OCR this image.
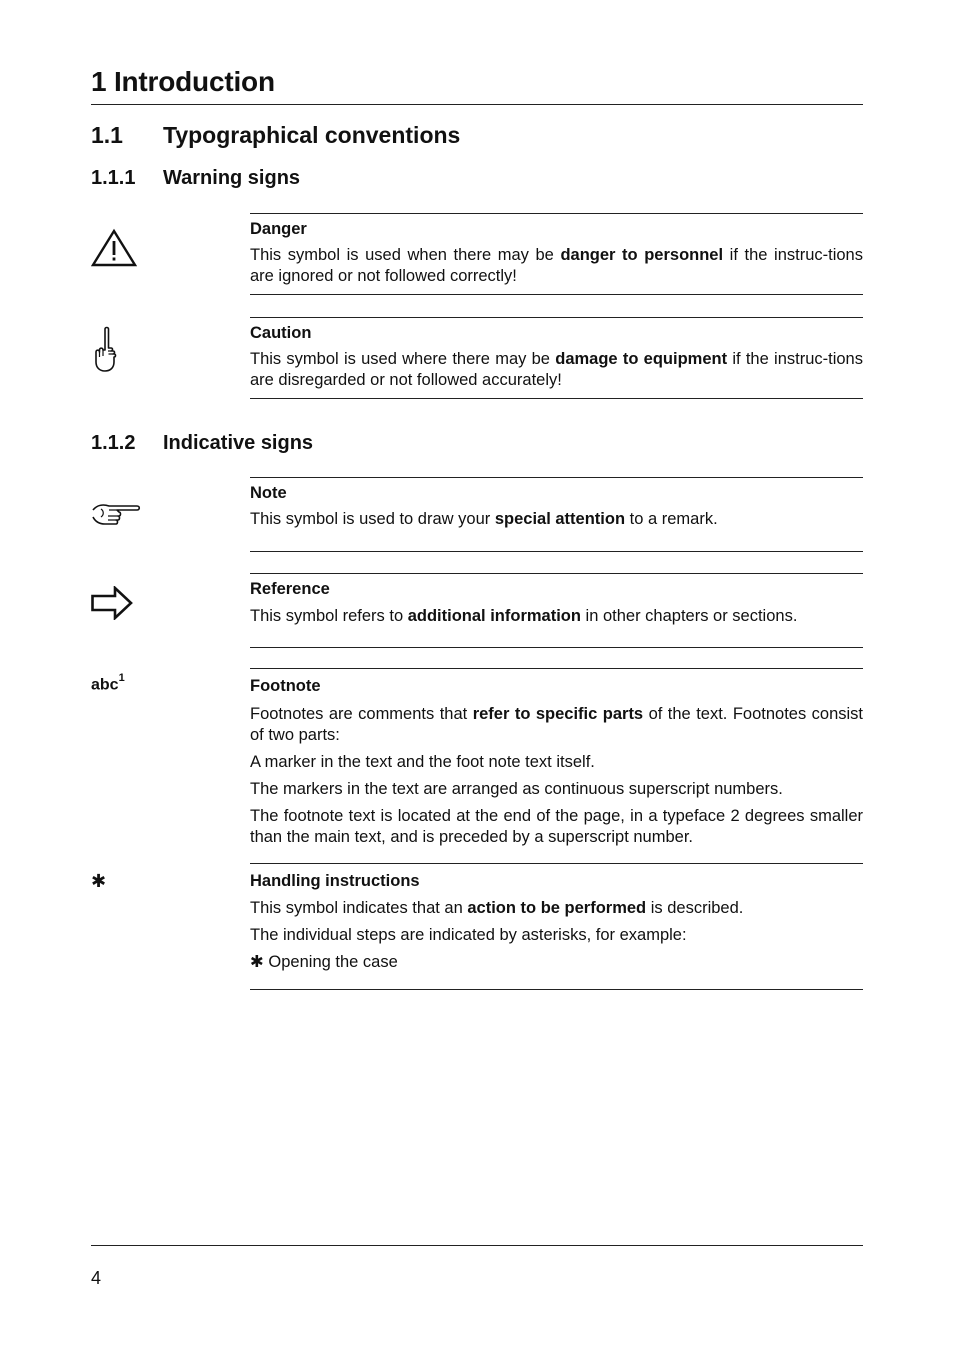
1 Introduction
1.1 Typographical conventions
1.1.1 Warning signs

Danger

This symbol is used when there may be danger to personnel if the instruc-tions are ignored or not followed correctly!

Caution

This symbol is used where there may be damage to equipment if the instruc-tions are disregarded or not followed accurately!

1.1.2 Indicative signs

Note

This symbol is used to draw your special attention to a remark.

Reference

This symbol refers to additional information in other chapters or sections.

abc$^1$	Footnote

Footnotes are comments that refer to specific parts of the text. Footnotes consist of two parts:

A marker in the text and the foot note text itself.

The markers in the text are arranged as continuous superscript numbers.

The footnote text is located at the end of the page, in a typeface 2 degrees smaller than the main text, and is preceded by a superscript number.

✱	Handling instructions

This symbol indicates that an action to be performed is described.

The individual steps are indicated by asterisks, for example:

✱ Opening the case

4
